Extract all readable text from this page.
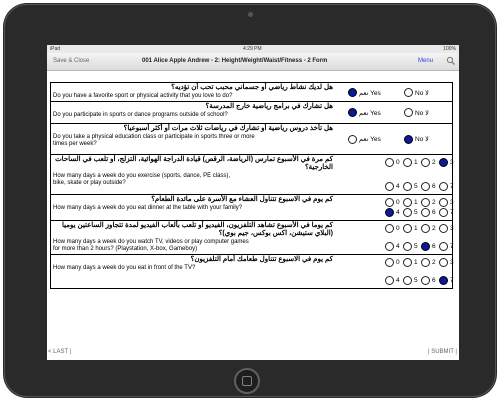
iPad	4:29 PM	100%
Save & Close	001 Alice Apple Andrew - 2: Height/Weight/Waist/Fitness - 2 Form	Menu
هل لديك نشاط رياضي أو جسماني محبب تحب أن تؤديه؟
Do you have a favorite sport or physical activity that you love to do?	نعم Yes	No لا
هل تشارك في برامج رياضية خارج المدرسة؟
Do you participate in sports or dance programs outside of school?	نعم Yes	No لا
هل تأخذ دروس رياضية أو تشارك في رياضات ثلاث مرات أو أكثر أسبوعيا؟
Do you take a physical education class or participate in sports three or more
times per week?
نعم Yes	No لا
كم مرة في الأسبوع تمارس (الرياضة، الرقص) قيادة الدراجة الهوائية، التزلج، أو تلعب في الساحات الخارجية؟
How many days a week do you exercise (sports, dance, PE class),
bike, skate or play outside?
0 1 2 3
4 5 6 7
كم يوم في الاسبوع تتناول العشاء مع الأسرة على مائدة الطعام؟
How many days a week do you eat dinner at the table with your family?
0 1 2 3
4 5 6 7
كم يوما في الأسبوع تشاهد التلفزيون، الفيديو أو تلعب بألعاب الفيديو لمدة تتجاوز الساعتين يوميا (البلاي ستيشن، اكس بوكس، جيم بوي)؟
How many days a week do you watch TV, videos or play computer games
for more than 2 hours? (Playstation, X-box, Gameboy)
0 1 2 3
4 5 6 7
كم يوم في الاسبوع تتناول طعامك أمام التلفزيون؟
How many days a week do you eat in front of the TV?
0 1 2 3
4 5 6 7
< LAST |	| SUBMIT |
